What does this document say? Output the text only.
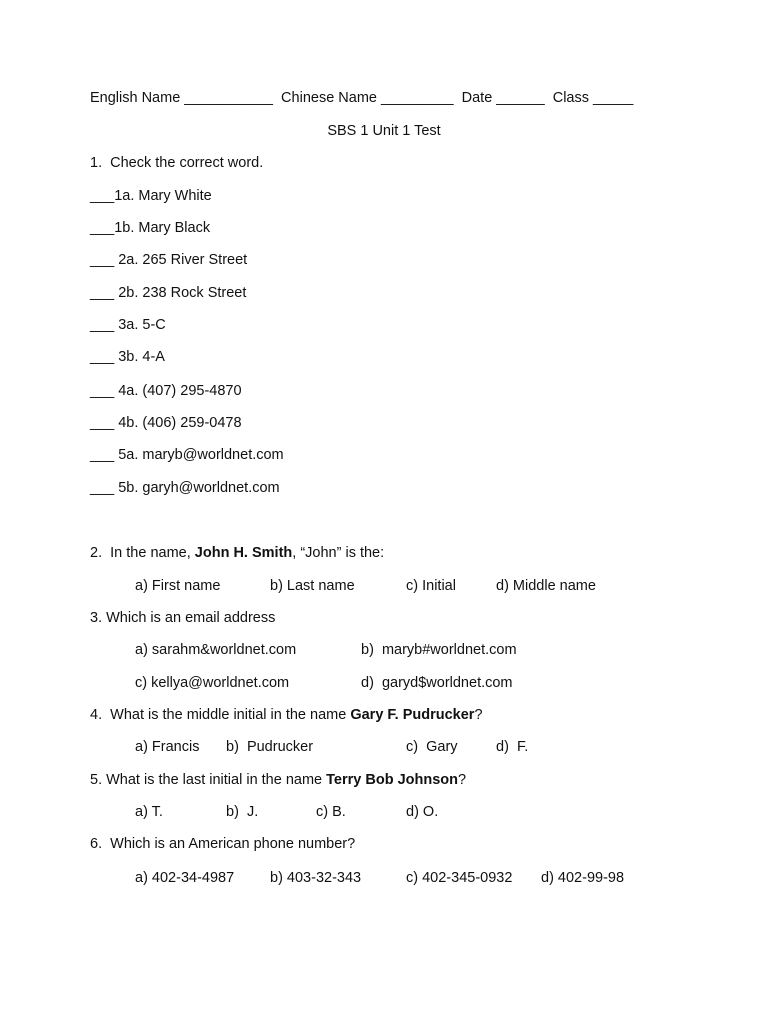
English Name ___________  Chinese Name _________  Date ______  Class _____
SBS 1 Unit 1 Test
1.  Check the correct word.
___1a. Mary White
___1b. Mary Black
___ 2a. 265 River Street
___ 2b. 238 Rock Street
___ 3a. 5-C
___ 3b. 4-A
___ 4a. (407) 295-4870
___ 4b. (406) 259-0478
___ 5a. maryb@worldnet.com
___ 5b. garyh@worldnet.com
2.  In the name, John H. Smith, “John” is the:
a) First name	b) Last name	c) Initial	d) Middle name
3. Which is an email address
a) sarahm&worldnet.com	b)  maryb#worldnet.com
c) kellya@worldnet.com	d)  garyd$worldnet.com
4.  What is the middle initial in the name Gary F. Pudrucker?
a) Francis b)  Pudrucker	c)  Gary	d)  F.
5. What is the last initial in the name Terry Bob Johnson?
a) T.	b)  J.	c) B.	d) O.
6.  Which is an American phone number?
a) 402-34-4987 b) 403-32-343	c) 402-345-0932 d) 402-99-98
